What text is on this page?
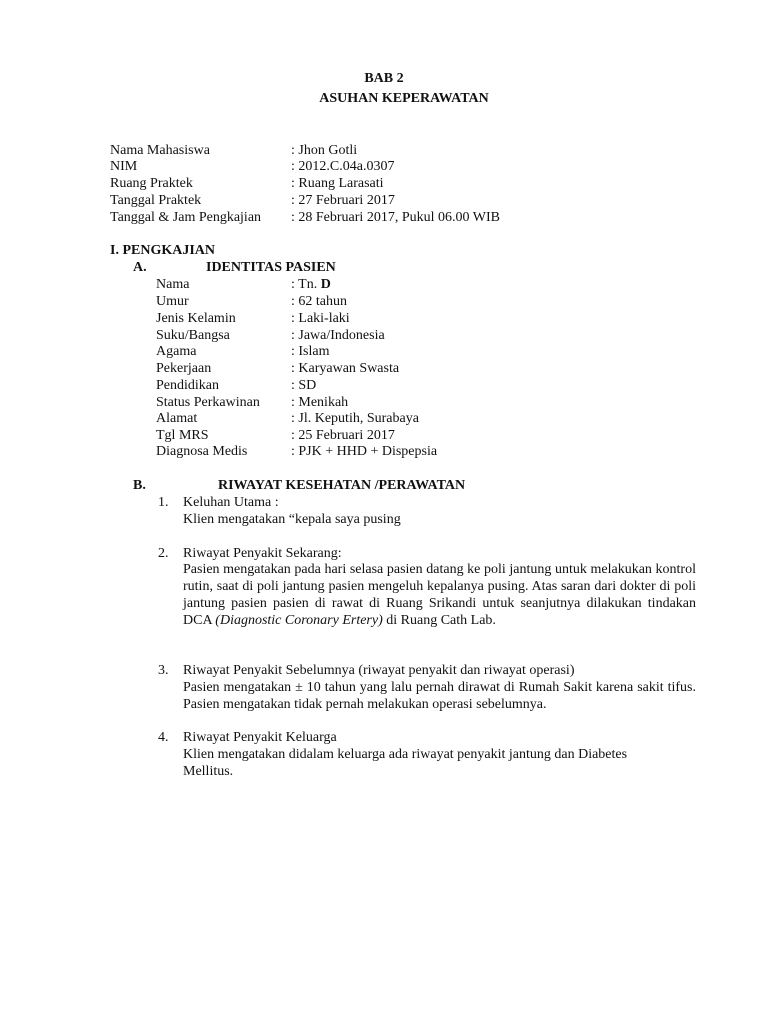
BAB 2
ASUHAN KEPERAWATAN
Nama Mahasiswa	: Jhon Gotli
NIM	: 2012.C.04a.0307
Ruang Praktek	: Ruang Larasati
Tanggal Praktek	: 27 Februari 2017
Tanggal & Jam Pengkajian : 28 Februari 2017, Pukul 06.00 WIB
I. PENGKAJIAN
A.	IDENTITAS PASIEN
Nama	: Tn. D
Umur	: 62 tahun
Jenis Kelamin	: Laki-laki
Suku/Bangsa	: Jawa/Indonesia
Agama	: Islam
Pekerjaan	: Karyawan Swasta
Pendidikan	: SD
Status Perkawinan : Menikah
Alamat	: Jl. Keputih, Surabaya
Tgl MRS	: 25 Februari 2017
Diagnosa Medis	: PJK + HHD + Dispepsia
B.	RIWAYAT KESEHATAN /PERAWATAN
1. Keluhan Utama :
Klien mengatakan “kepala saya pusing
2. Riwayat Penyakit Sekarang:
Pasien mengatakan pada hari selasa pasien datang ke poli jantung untuk melakukan kontrol rutin, saat di poli jantung pasien mengeluh kepalanya pusing. Atas saran dari dokter di poli jantung pasien pasien di rawat di Ruang Srikandi untuk seanjutnya dilakukan tindakan DCA (Diagnostic Coronary Ertery) di Ruang Cath Lab.
3. Riwayat Penyakit Sebelumnya (riwayat penyakit dan riwayat operasi)
Pasien mengatakan ± 10 tahun yang lalu pernah dirawat di Rumah Sakit karena sakit tifus. Pasien mengatakan tidak pernah melakukan operasi sebelumnya.
4. Riwayat Penyakit Keluarga
Klien mengatakan didalam keluarga ada riwayat penyakit jantung dan Diabetes Mellitus.
